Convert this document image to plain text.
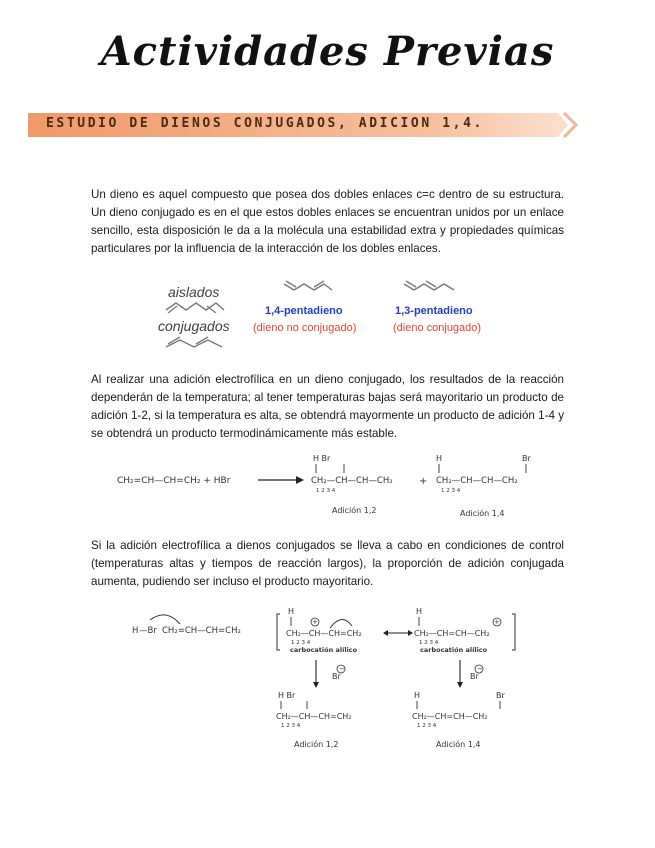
Actividades Previas
ESTUDIO DE DIENOS CONJUGADOS, ADICION 1,4.

Un dieno es aquel compuesto que posea dos dobles enlaces c=c dentro de su estructura. Un dieno conjugado es en el que estos dobles enlaces se encuentran unidos por un enlace sencillo, esta disposición le da a la molécula una estabilidad extra y propiedades químicas particulares por la influencia de la interacción de los dobles enlaces.

aislados
conjugados
1,4-pentadieno
(dieno no conjugado)
1,3-pentadieno
(dieno conjugado)

Al realizar una adición electrofílica en un dieno conjugado, los resultados de la reacción dependerán de la temperatura; al tener temperaturas bajas será mayoritario un producto de adición 1-2, si la temperatura es alta, se obtendrá mayormente un producto de adición 1-4 y se obtendrá un producto termodinámicamente más estable.

CH₂=CH—CH=CH₂ + HBr
H Br
CH₂—CH—CH—CH₂
1 2 3 4
+
H	Br
CH₂—CH—CH—CH₂
1 2 3 4
Adición 1,2	Adición 1,4

Si la adición electrofílica a dienos conjugados se lleva a cabo en condiciones de control (temperaturas altas y tiempos de reacción largos), la proporción de adición conjugada aumenta, pudiendo ser incluso el producto mayoritario.

H —Br CH₂=CH—CH=CH₂
H
+
CH₂—CH—CH=CH₂
1 2 3 4
carbocatión alílico
H
+
CH₂—CH=CH—CH₂
1 2 3 4
carbocatión alílico
Br
−
Br
−
H Br
CH₂—CH—CH=CH₂
1 2 3 4
Adición 1,2
H	Br
CH₂—CH=CH—CH₂
1 2 3 4
Adición 1,4
